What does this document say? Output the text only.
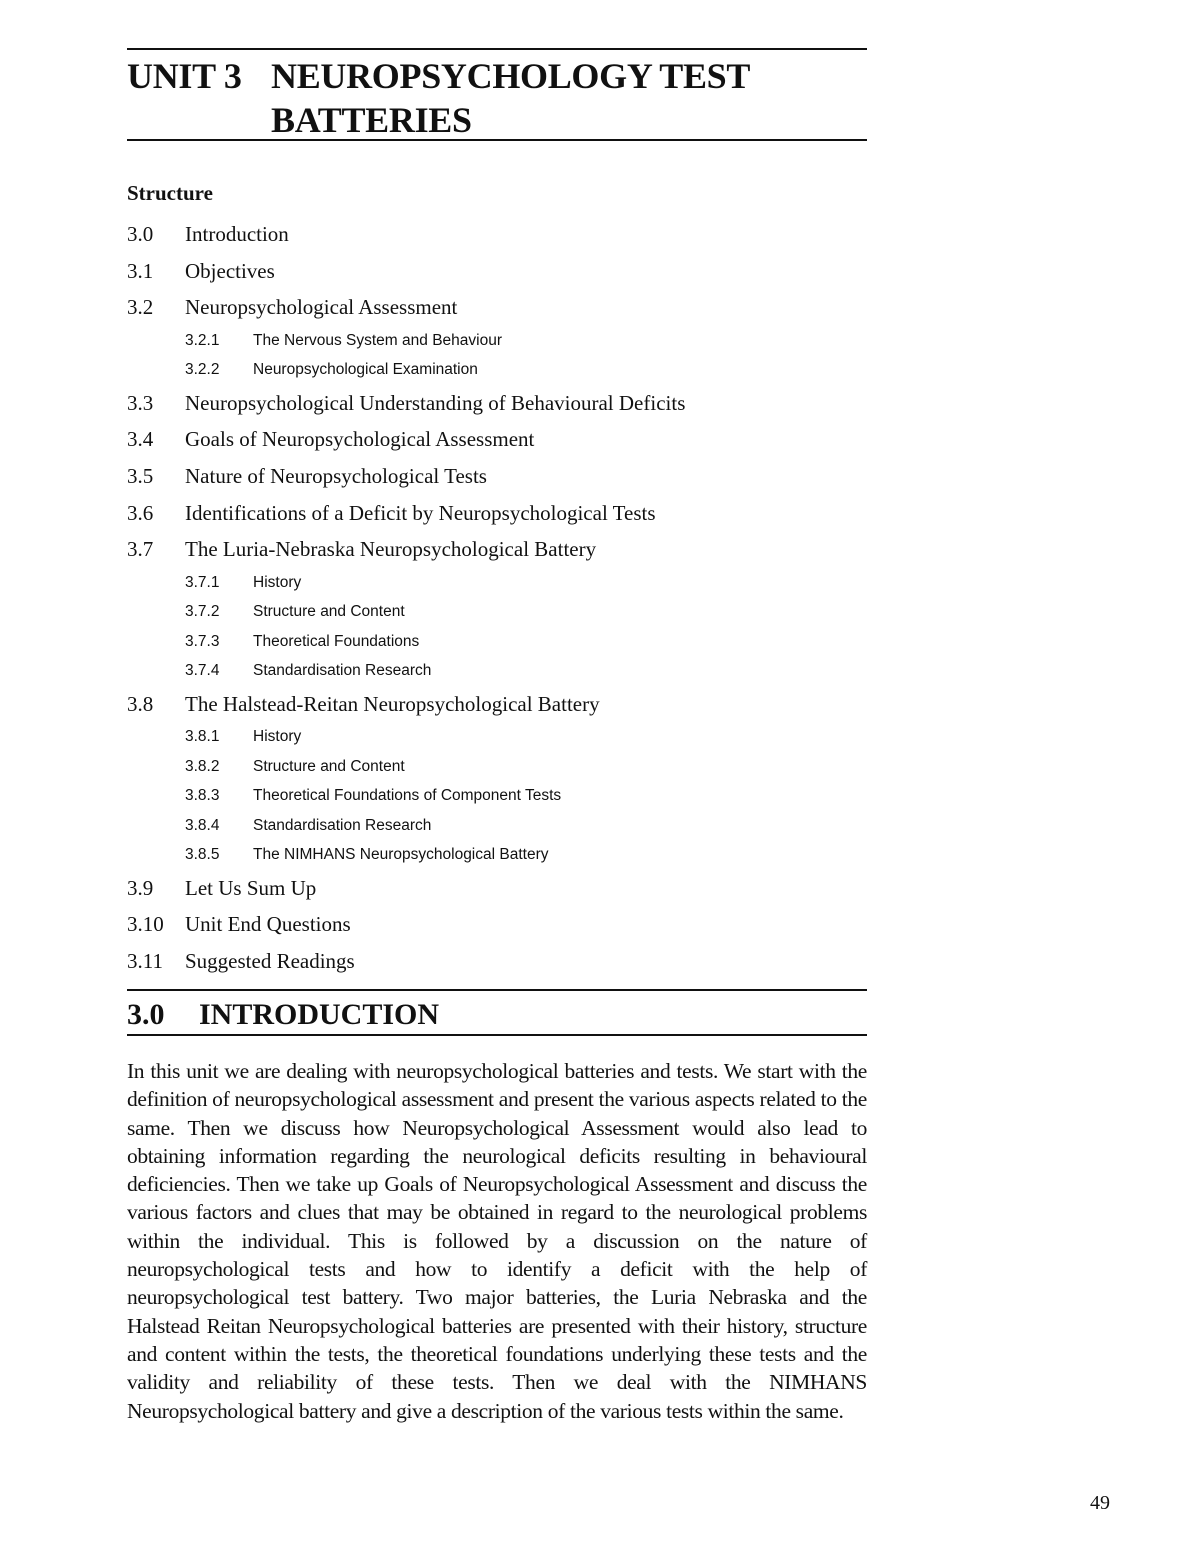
UNIT 3 NEUROPSYCHOLOGY TEST
BATTERIES
Structure
3.0 Introduction
3.1 Objectives
3.2 Neuropsychological Assessment
3.2.1 The Nervous System and Behaviour
3.2.2 Neuropsychological Examination
3.3 Neuropsychological Understanding of Behavioural Deficits
3.4 Goals of Neuropsychological Assessment
3.5 Nature of Neuropsychological Tests
3.6 Identifications of a Deficit by Neuropsychological Tests
3.7 The Luria-Nebraska Neuropsychological Battery
3.7.1 History
3.7.2 Structure and Content
3.7.3 Theoretical Foundations
3.7.4 Standardisation Research
3.8 The Halstead-Reitan Neuropsychological Battery
3.8.1 History
3.8.2 Structure and Content
3.8.3 Theoretical Foundations of Component Tests
3.8.4 Standardisation Research
3.8.5 The NIMHANS Neuropsychological Battery
3.9 Let Us Sum Up
3.10 Unit End Questions
3.11 Suggested Readings
3.0 INTRODUCTION

In this unit we are dealing with neuropsychological batteries and tests. We start with the definition of neuropsychological assessment and present the various aspects related to the same. Then we discuss how Neuropsychological Assessment would also lead to obtaining information regarding the neurological deficits resulting in behavioural deficiencies. Then we take up Goals of Neuropsychological Assessment and discuss the various factors and clues that may be obtained in regard to the neurological problems within the individual. This is followed by a discussion on the nature of neuropsychological tests and how to identify a deficit with the help of neuropsychological test battery. Two major batteries, the Luria Nebraska and the Halstead Reitan Neuropsychological batteries are presented with their history, structure and content within the tests, the theoretical foundations underlying these tests and the validity and reliability of these tests. Then we deal with the NIMHANS Neuropsychological battery and give a description of the various tests within the same.

49
